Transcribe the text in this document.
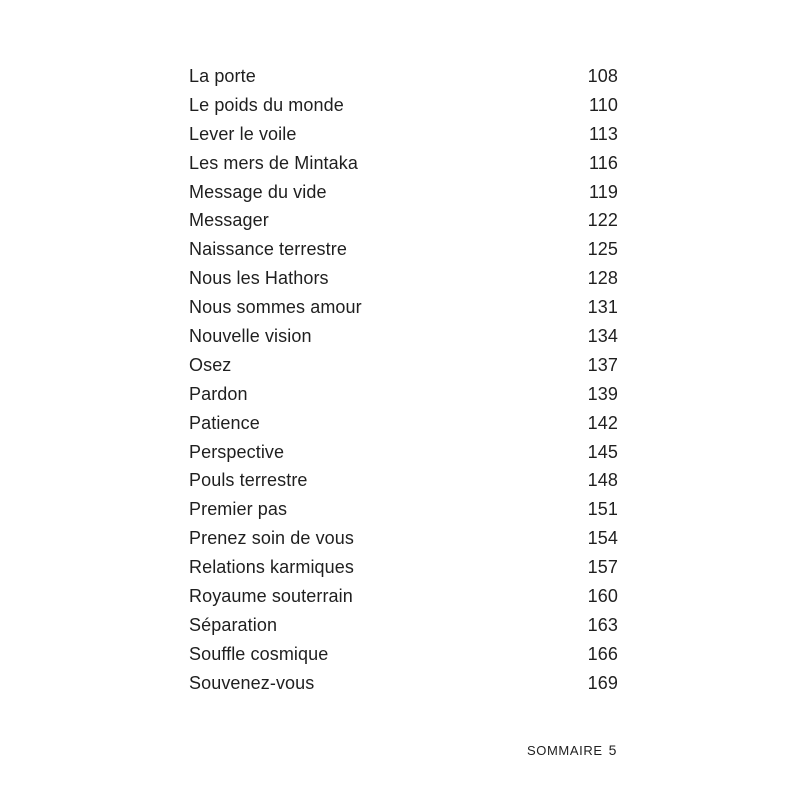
La porte	108
Le poids du monde	110
Lever le voile	113
Les mers de Mintaka	116
Message du vide	119
Messager	122
Naissance terrestre	125
Nous les Hathors	128
Nous sommes amour	131
Nouvelle vision	134
Osez	137
Pardon	139
Patience	142
Perspective	145
Pouls terrestre	148
Premier pas	151
Prenez soin de vous	154
Relations karmiques	157
Royaume souterrain	160
Séparation	163
Souffle cosmique	166
Souvenez-vous	169
SOMMAIRE 5
